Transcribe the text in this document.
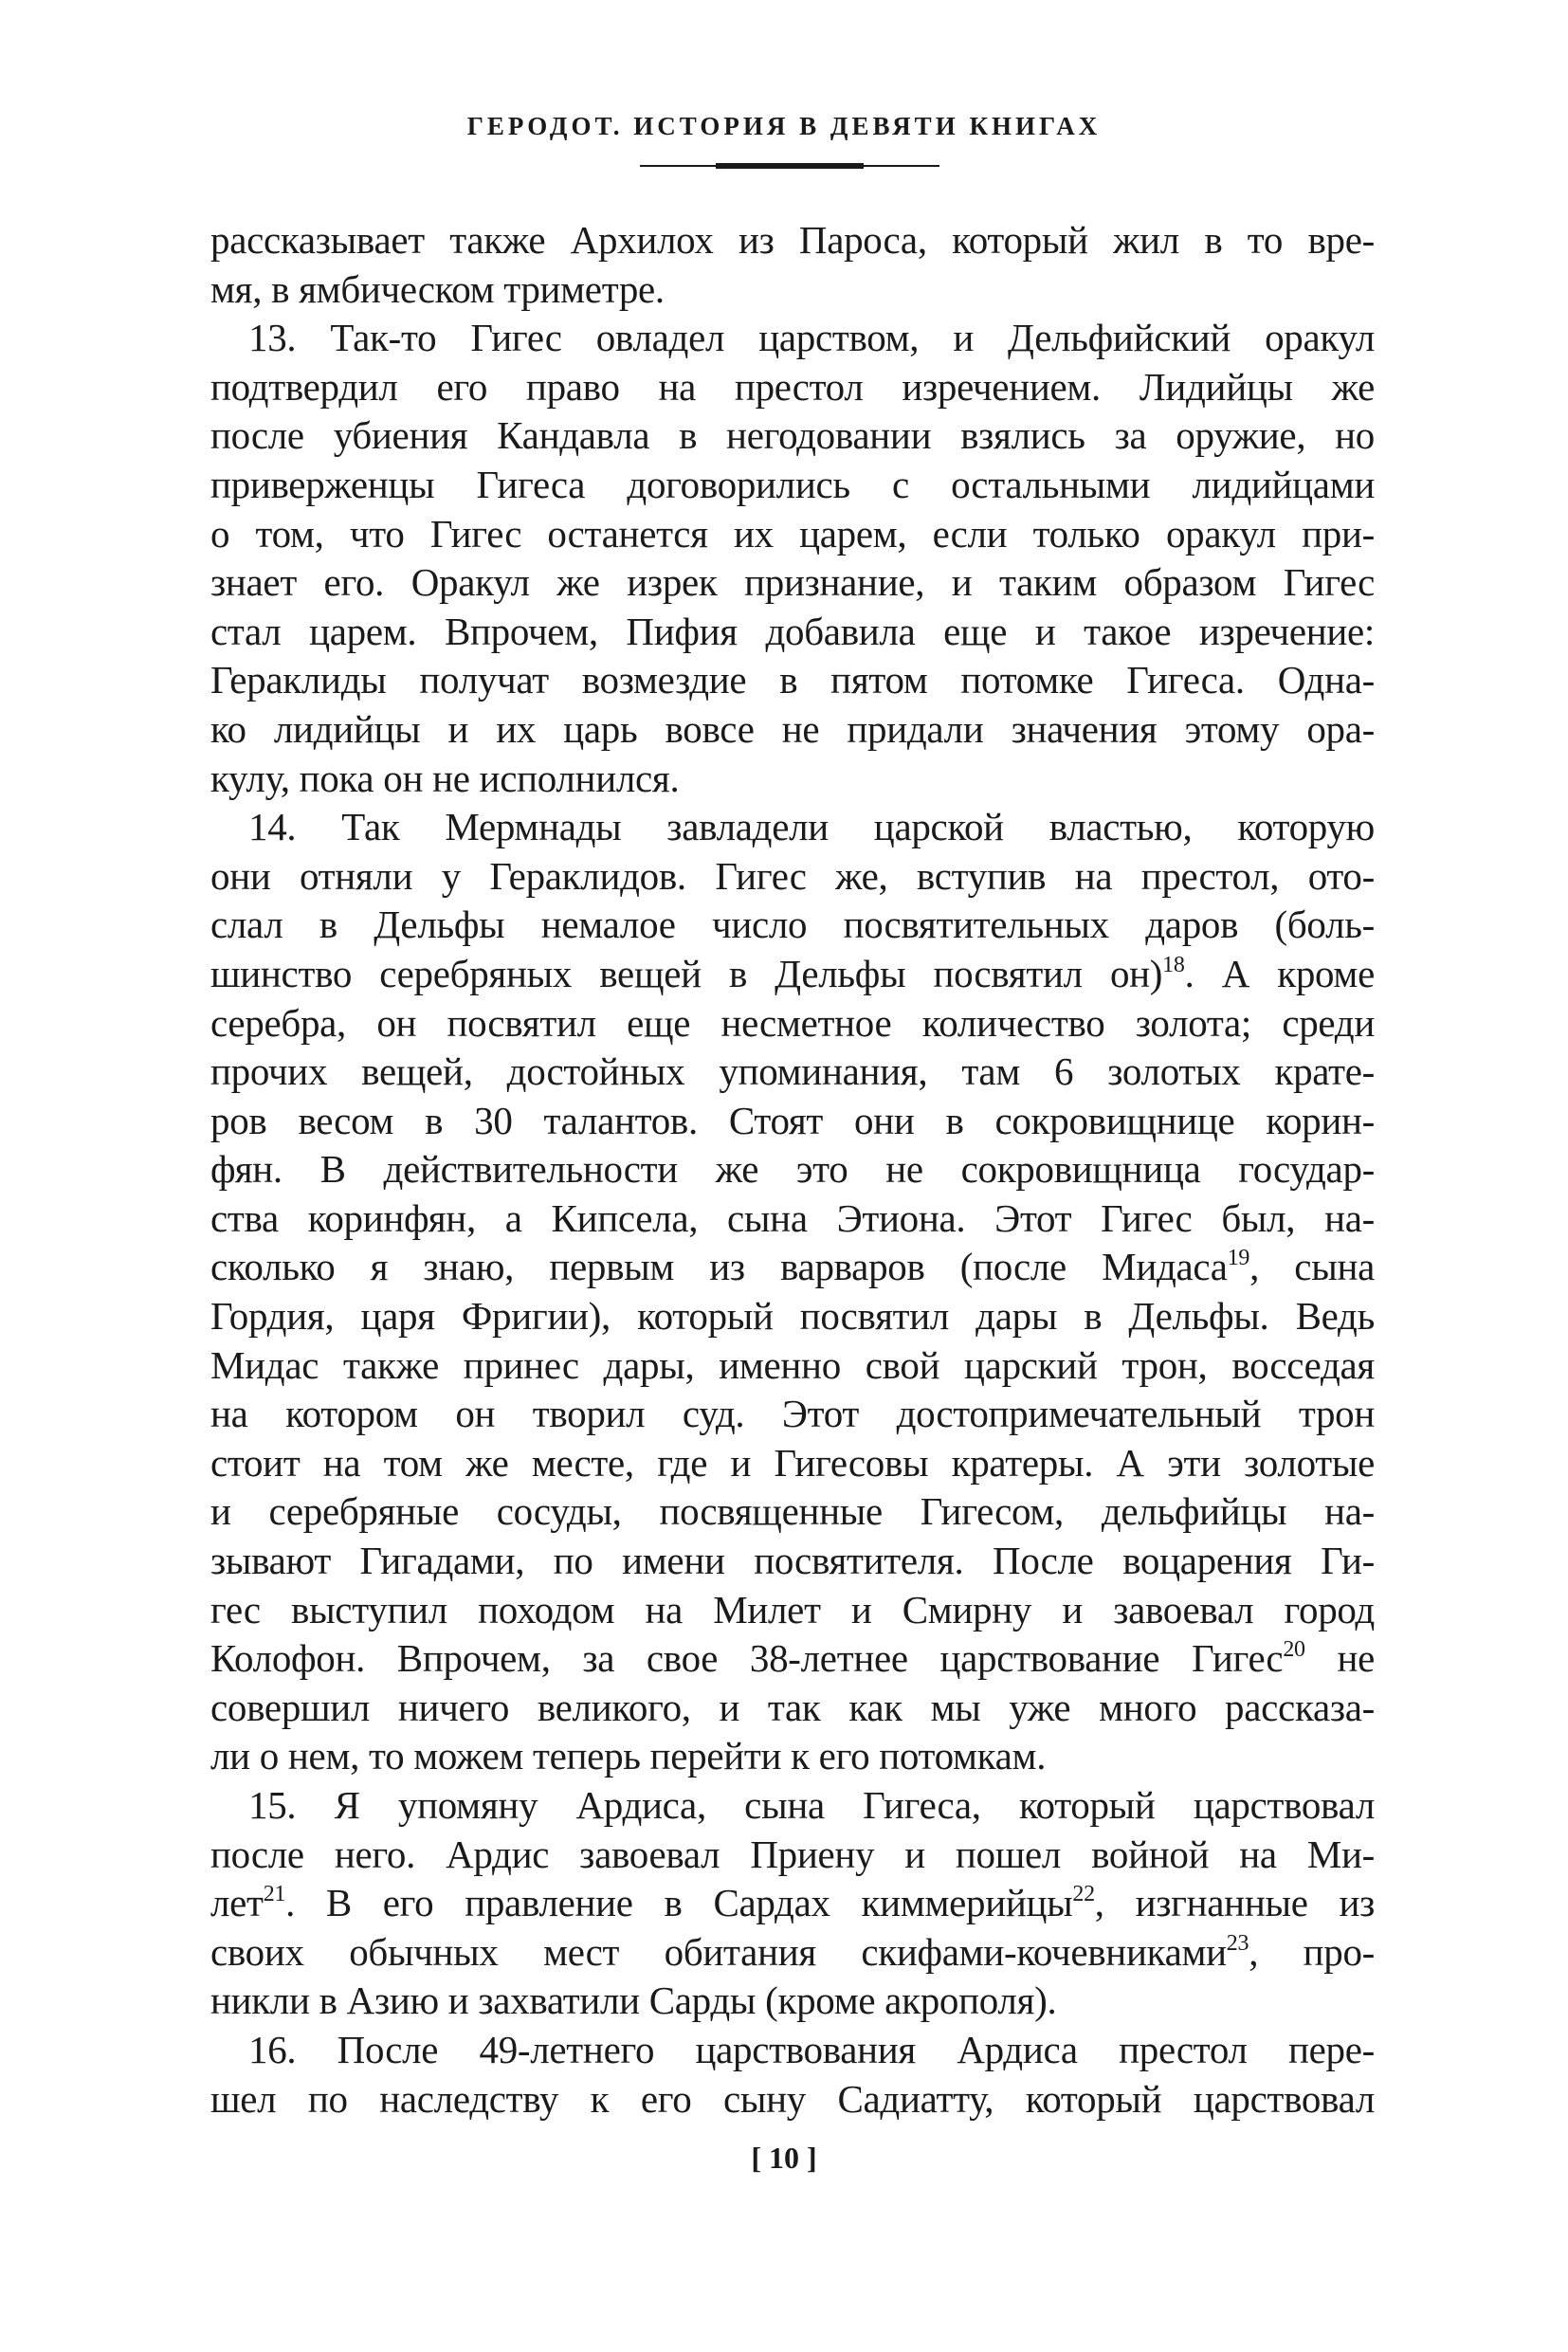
ГЕРОДОТ. ИСТОРИЯ В ДЕВЯТИ КНИГАХ
рассказывает также Архилох из Пароса, который жил в то вре-
мя, в ямбическом триметре.
13. Так-то Гигес овладел царством, и Дельфийский оракул
подтвердил его право на престол изречением. Лидийцы же
после убиения Кандавла в негодовании взялись за оружие, но
приверженцы Гигеса договорились с остальными лидийцами
о том, что Гигес останется их царем, если только оракул при-
знает его. Оракул же изрек признание, и таким образом Гигес
стал царем. Впрочем, Пифия добавила еще и такое изречение:
Гераклиды получат возмездие в пятом потомке Гигеса. Одна-
ко лидийцы и их царь вовсе не придали значения этому ора-
кулу, пока он не исполнился.
14. Так Мермнады завладели царской властью, которую
они отняли у Гераклидов. Гигес же, вступив на престол, ото-
слал в Дельфы немалое число посвятительных даров (боль-
шинство серебряных вещей в Дельфы посвятил он)$^{18}$. А кроме
серебра, он посвятил еще несметное количество золота; среди
прочих вещей, достойных упоминания, там 6 золотых крате-
ров весом в 30 талантов. Стоят они в сокровищнице корин-
фян. В действительности же это не сокровищница государ-
ства коринфян, а Кипсела, сына Этиона. Этот Гигес был, на-
сколько я знаю, первым из варваров (после Мидаса$^{19}$, сына
Гордия, царя Фригии), который посвятил дары в Дельфы. Ведь
Мидас также принес дары, именно свой царский трон, восседая
на котором он творил суд. Этот достопримечательный трон
стоит на том же месте, где и Гигесовы кратеры. А эти золотые
и серебряные сосуды, посвященные Гигесом, дельфийцы на-
зывают Гигадами, по имени посвятителя. После воцарения Ги-
гес выступил походом на Милет и Смирну и завоевал город
Колофон. Впрочем, за свое 38-летнее царствование Гигес$^{20}$ не
совершил ничего великого, и так как мы уже много рассказа-
ли о нем, то можем теперь перейти к его потомкам.
15. Я упомяну Ардиса, сына Гигеса, который царствовал
после него. Ардис завоевал Приену и пошел войной на Ми-
лет$^{21}$. В его правление в Сардах киммерийцы$^{22}$, изгнанные из
своих обычных мест обитания скифами-кочевниками$^{23}$, про-
никли в Азию и захватили Сарды (кроме акрополя).
16. После 49-летнего царствования Ардиса престол пере-
шел по наследству к его сыну Садиатту, который царствовал
[ 10 ]
